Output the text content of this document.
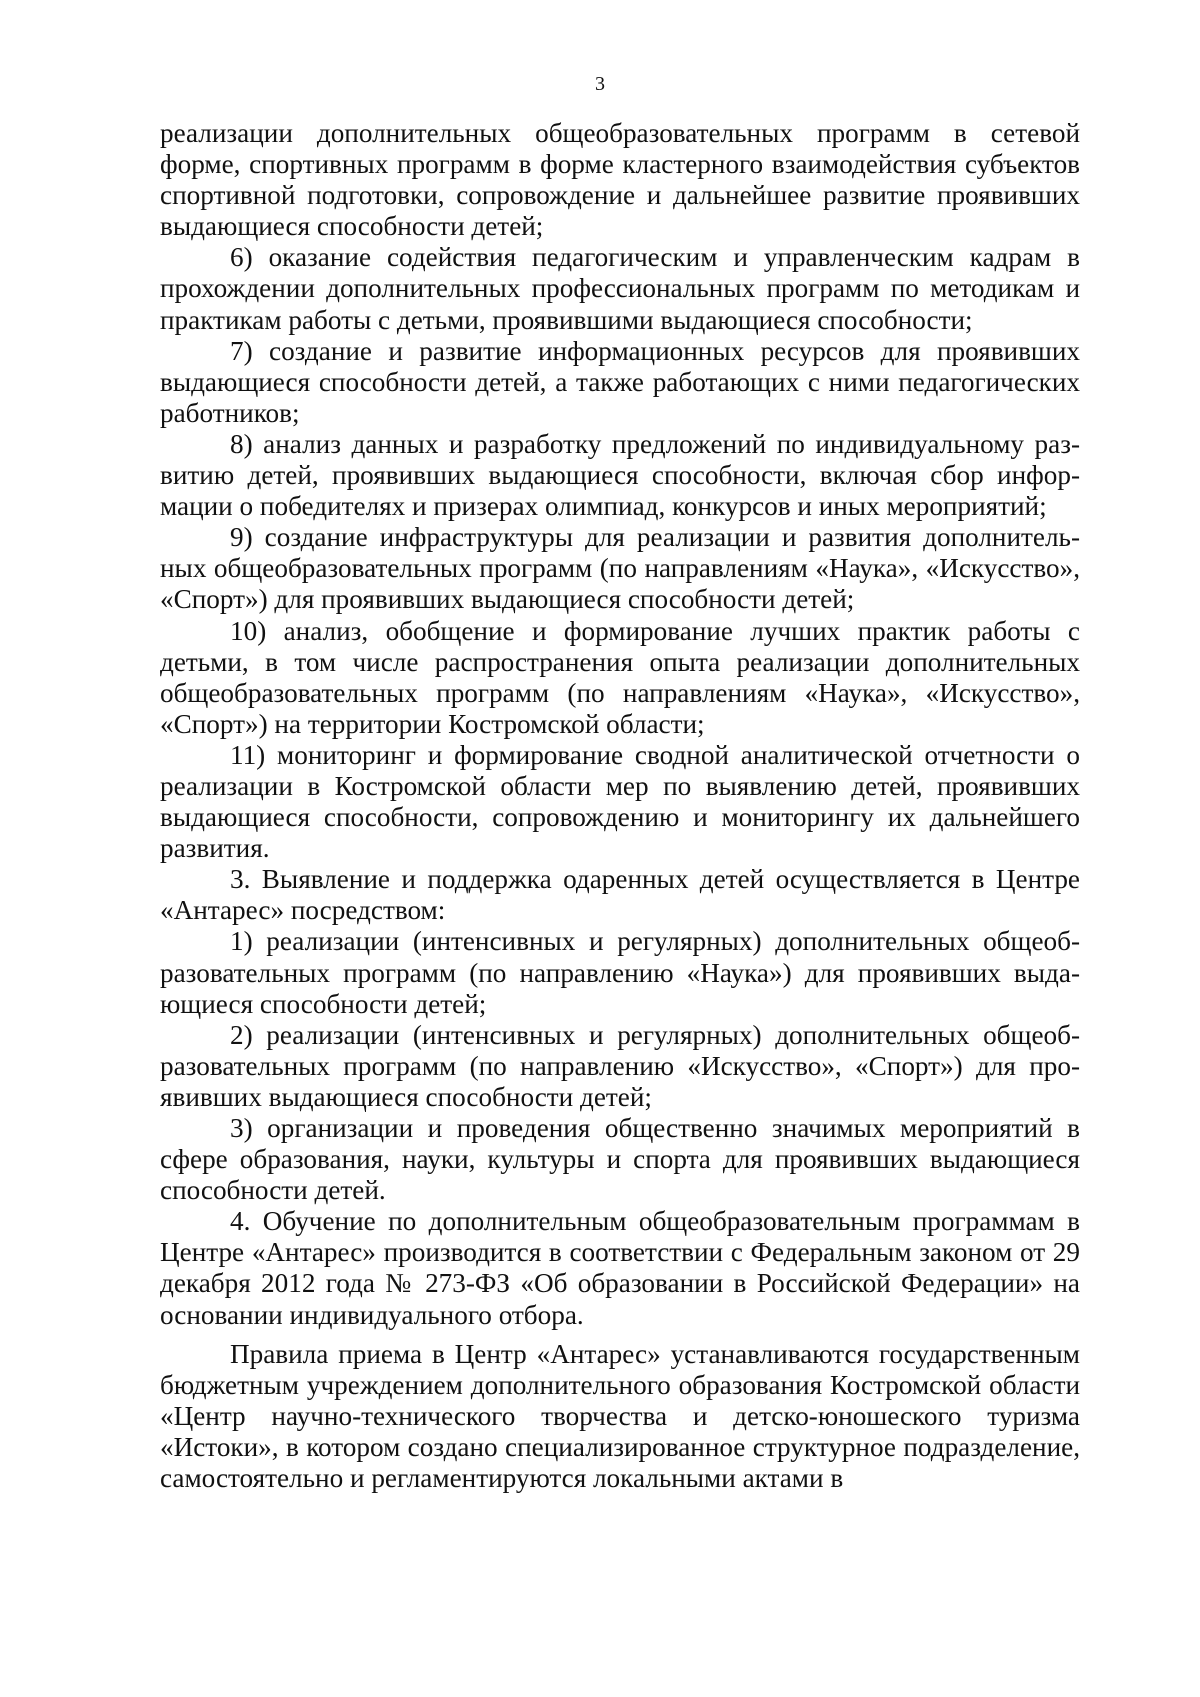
3

реализации дополнительных общеобразовательных программ в сетевой форме, спортивных программ в форме кластерного взаимодействия субъектов спортивной подготовки, сопровождение и дальнейшее развитие проявивших выдающиеся способности детей;

6) оказание содействия педагогическим и управленческим кадрам в прохождении дополнительных профессиональных программ по методикам и практикам работы с детьми, проявившими выдающиеся способности;

7) создание и развитие информационных ресурсов для проявивших выдающиеся способности детей, а также работающих с ними педагогических работников;

8) анализ данных и разработку предложений по индивидуальному развитию детей, проявивших выдающиеся способности, включая сбор информации о победителях и призерах олимпиад, конкурсов и иных мероприятий;

9) создание инфраструктуры для реализации и развития дополнительных общеобразовательных программ (по направлениям «Наука», «Искусство», «Спорт») для проявивших выдающиеся способности детей;

10) анализ, обобщение и формирование лучших практик работы с детьми, в том числе распространения опыта реализации дополнительных общеобразовательных программ (по направлениям «Наука», «Искусство», «Спорт») на территории Костромской области;

11) мониторинг и формирование сводной аналитической отчетности о реализации в Костромской области мер по выявлению детей, проявивших выдающиеся способности, сопровождению и мониторингу их дальнейшего развития.

3. Выявление и поддержка одаренных детей осуществляется в Центре «Антарес» посредством:

1) реализации (интенсивных и регулярных) дополнительных общеобразовательных программ (по направлению «Наука») для проявивших выдающиеся способности детей;

2) реализации (интенсивных и регулярных) дополнительных общеобразовательных программ (по направлению «Искусство», «Спорт») для проявивших выдающиеся способности детей;

3) организации и проведения общественно значимых мероприятий в сфере образования, науки, культуры и спорта для проявивших выдающиеся способности детей.

4. Обучение по дополнительным общеобразовательным программам в Центре «Антарес» производится в соответствии с Федеральным законом от 29 декабря 2012 года № 273-ФЗ «Об образовании в Российской Федерации» на основании индивидуального отбора.

Правила приема в Центр «Антарес» устанавливаются государственным бюджетным учреждением дополнительного образования Костромской области «Центр научно-технического творчества и детско-юношеского туризма «Истоки», в котором создано специализированное структурное подразделение, самостоятельно и регламентируются локальными актами в
